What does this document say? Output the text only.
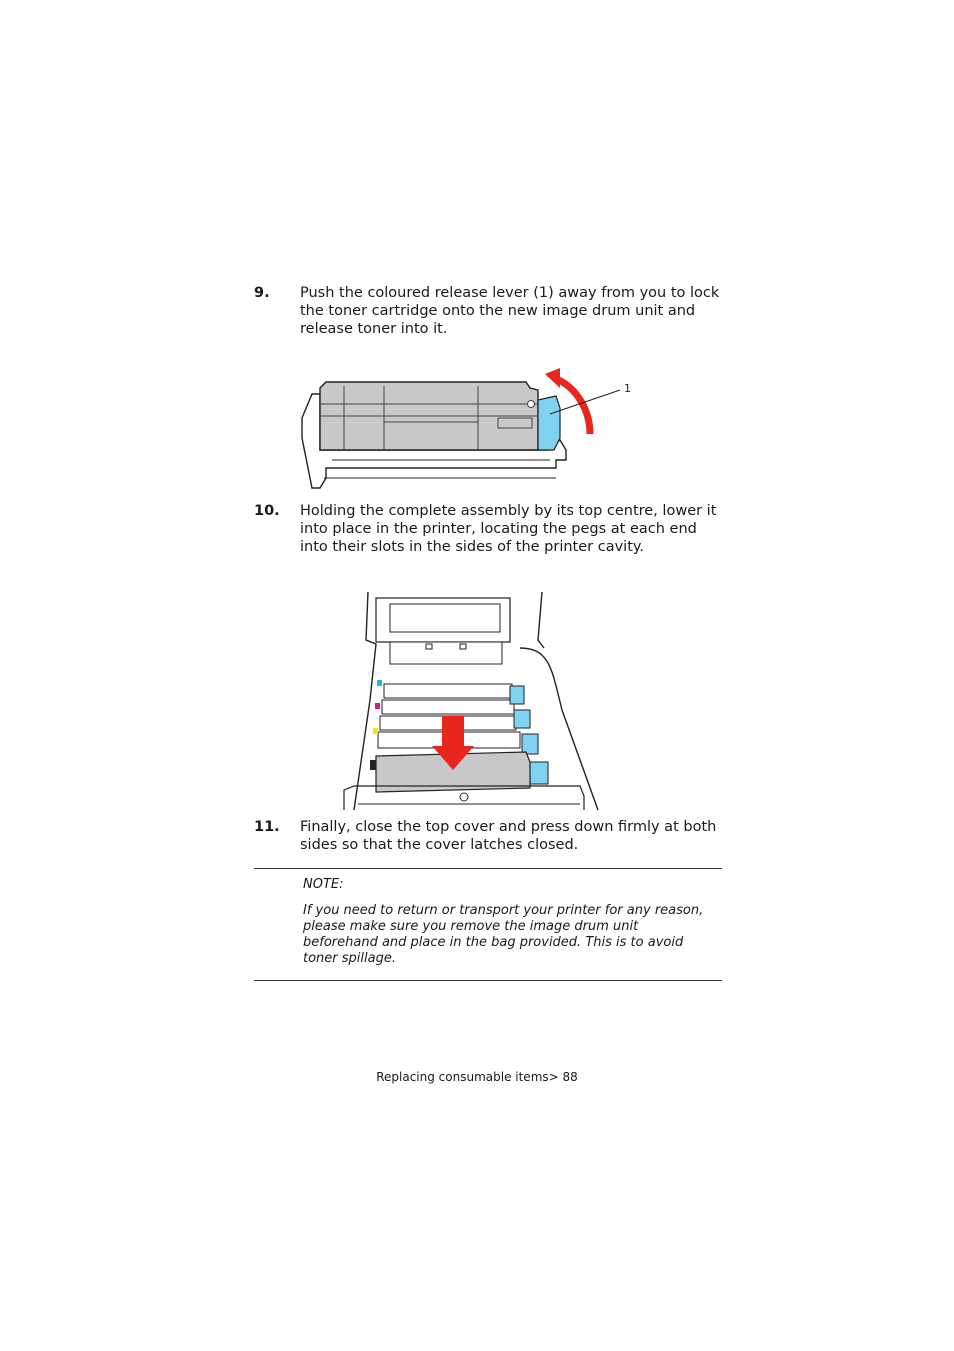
9. Push the coloured release lever (1) away from you to lock the toner cartridge onto the new image drum unit and release toner into it.
1
10. Holding the complete assembly by its top centre, lower it into place in the printer, locating the pegs at each end into their slots in the sides of the printer cavity.
11. Finally, close the top cover and press down firmly at both sides so that the cover latches closed.
NOTE:
If you need to return or transport your printer for any reason, please make sure you remove the image drum unit beforehand and place in the bag provided. This is to avoid toner spillage.
Replacing consumable items> 88
